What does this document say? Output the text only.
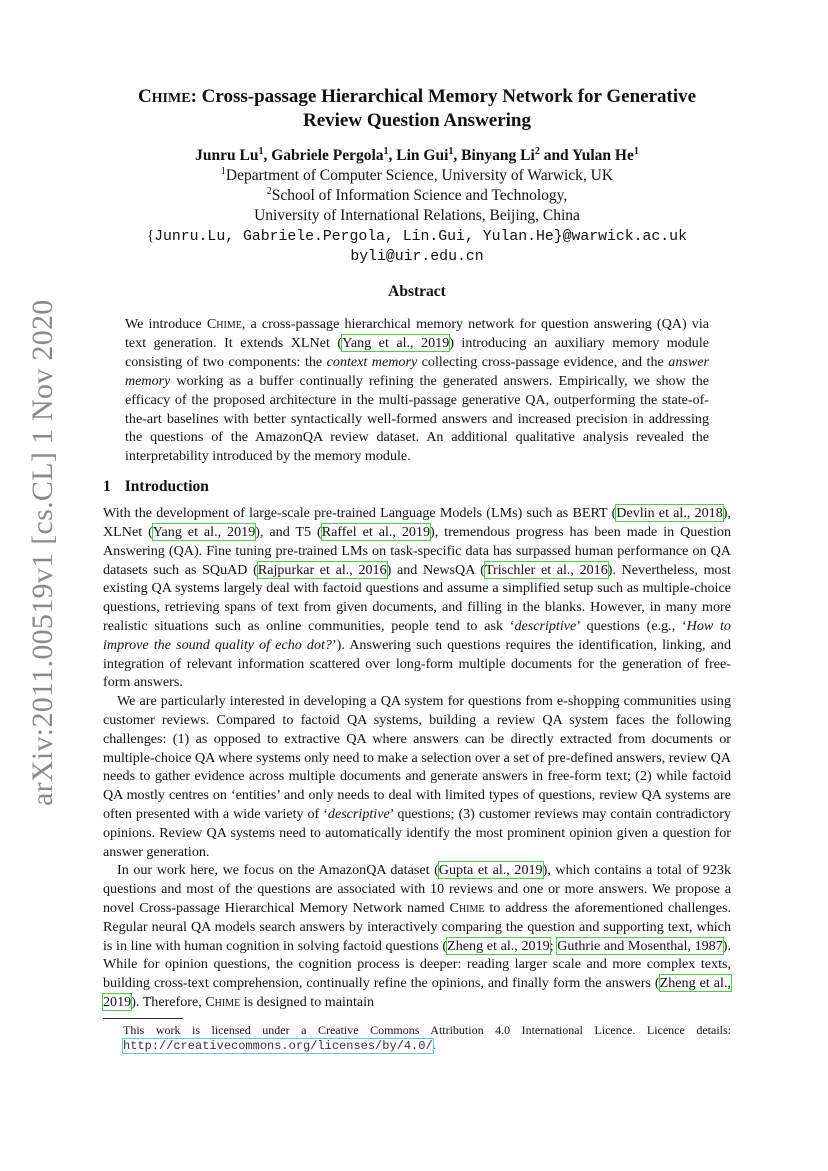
arXiv:2011.00519v1 [cs.CL] 1 Nov 2020
CHIME: Cross-passage Hierarchical Memory Network for Generative
Review Question Answering
Junru Lu$^1$, Gabriele Pergola$^1$, Lin Gui$^1$, Binyang Li$^2$ and Yulan He$^1$
$^1$Department of Computer Science, University of Warwick, UK
$^2$School of Information Science and Technology,
University of International Relations, Beijing, China
{Junru.Lu, Gabriele.Pergola, Lin.Gui, Yulan.He}@warwick.ac.uk
byli@uir.edu.cn
Abstract

We introduce Chime, a cross-passage hierarchical memory network for question answering (QA) via text generation. It extends XLNet (Yang et al., 2019) introducing an auxiliary memory module consisting of two components: the context memory collecting cross-passage evidence, and the answer memory working as a buffer continually refining the generated answers. Empirically, we show the efficacy of the proposed architecture in the multi-passage generative QA, outperforming the state-of-the-art baselines with better syntactically well-formed answers and increased precision in addressing the questions of the AmazonQA review dataset. An additional qualitative analysis revealed the interpretability introduced by the memory module.

1 Introduction

With the development of large-scale pre-trained Language Models (LMs) such as BERT (Devlin et al., 2018), XLNet (Yang et al., 2019), and T5 (Raffel et al., 2019), tremendous progress has been made in Question Answering (QA). Fine tuning pre-trained LMs on task-specific data has surpassed human performance on QA datasets such as SQuAD (Rajpurkar et al., 2016) and NewsQA (Trischler et al., 2016). Nevertheless, most existing QA systems largely deal with factoid questions and assume a simplified setup such as multiple-choice questions, retrieving spans of text from given documents, and filling in the blanks. However, in many more realistic situations such as online communities, people tend to ask ‘descriptive’ questions (e.g., ‘How to improve the sound quality of echo dot?’). Answering such questions requires the identification, linking, and integration of relevant information scattered over long-form multiple documents for the generation of free-form answers.

We are particularly interested in developing a QA system for questions from e-shopping communities using customer reviews. Compared to factoid QA systems, building a review QA system faces the following challenges: (1) as opposed to extractive QA where answers can be directly extracted from documents or multiple-choice QA where systems only need to make a selection over a set of pre-defined answers, review QA needs to gather evidence across multiple documents and generate answers in free-form text; (2) while factoid QA mostly centres on ‘entities’ and only needs to deal with limited types of questions, review QA systems are often presented with a wide variety of ‘descriptive’ questions; (3) customer reviews may contain contradictory opinions. Review QA systems need to automatically identify the most prominent opinion given a question for answer generation.

In our work here, we focus on the AmazonQA dataset (Gupta et al., 2019), which contains a total of 923k questions and most of the questions are associated with 10 reviews and one or more answers. We propose a novel Cross-passage Hierarchical Memory Network named Chime to address the aforementioned challenges. Regular neural QA models search answers by interactively comparing the question and supporting text, which is in line with human cognition in solving factoid questions (Zheng et al., 2019; Guthrie and Mosenthal, 1987). While for opinion questions, the cognition process is deeper: reading larger scale and more complex texts, building cross-text comprehension, continually refine the opinions, and finally form the answers (Zheng et al., 2019). Therefore, Chime is designed to maintain

This work is licensed under a Creative Commons Attribution 4.0 International Licence. Licence details: http://creativecommons.org/licenses/by/4.0/.
